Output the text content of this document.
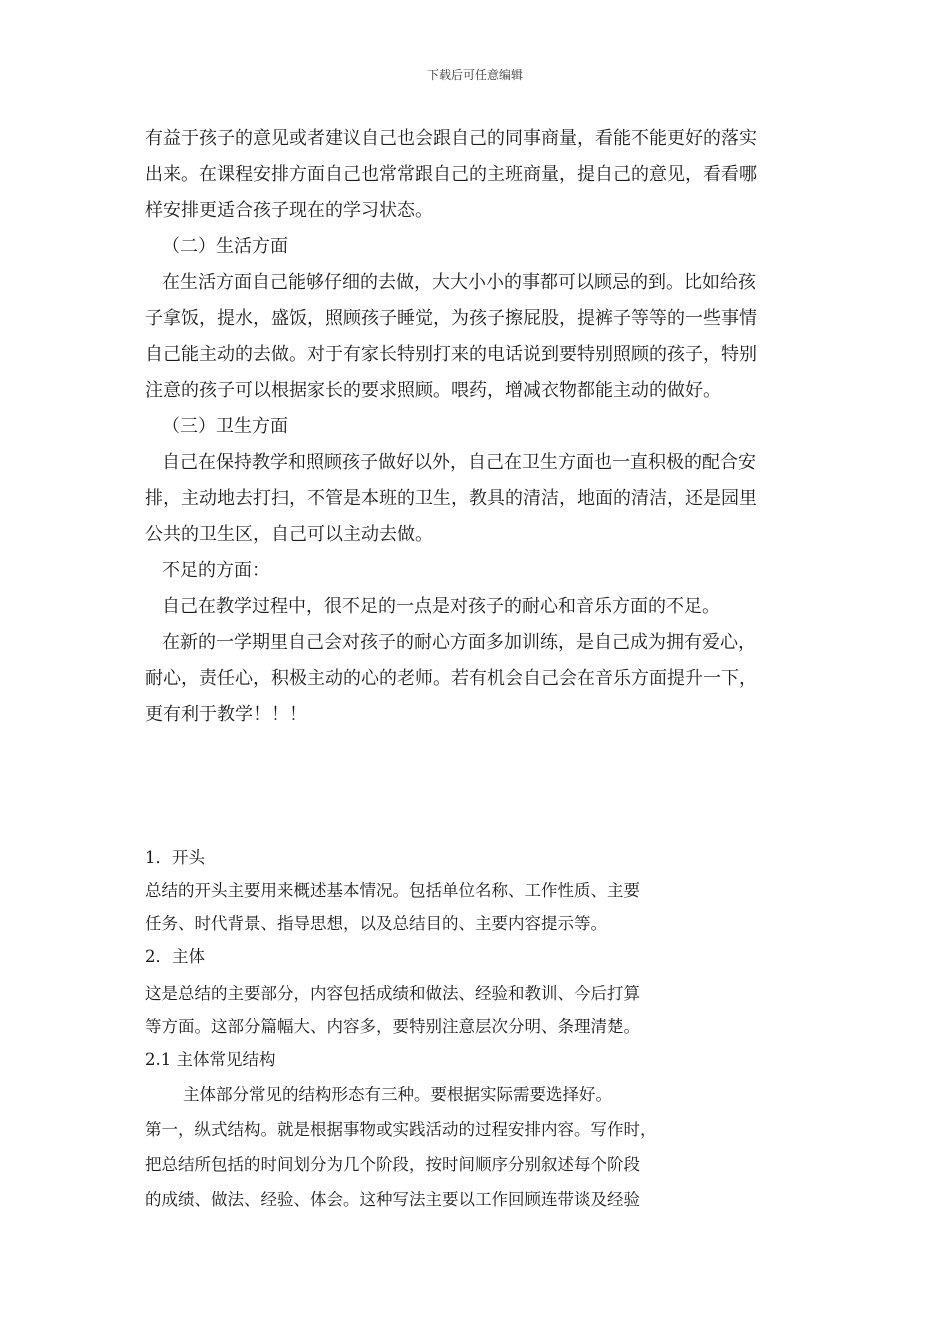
下载后可任意编辑
有益于孩子的意见或者建议自己也会跟自己的同事商量，看能不能更好的落实
出来。在课程安排方面自己也常常跟自己的主班商量，提自己的意见，看看哪
样安排更适合孩子现在的学习状态。
（二）生活方面
在生活方面自己能够仔细的去做，大大小小的事都可以顾忌的到。比如给孩
子拿饭，提水，盛饭，照顾孩子睡觉，为孩子擦屁股，提裤子等等的一些事情
自己能主动的去做。对于有家长特别打来的电话说到要特别照顾的孩子，特别
注意的孩子可以根据家长的要求照顾。喂药，增减衣物都能主动的做好。
（三）卫生方面
自己在保持教学和照顾孩子做好以外，自己在卫生方面也一直积极的配合安
排，主动地去打扫，不管是本班的卫生，教具的清洁，地面的清洁，还是园里
公共的卫生区，自己可以主动去做。
不足的方面：
自己在教学过程中，很不足的一点是对孩子的耐心和音乐方面的不足。
在新的一学期里自己会对孩子的耐心方面多加训练，是自己成为拥有爱心，
耐心，责任心，积极主动的心的老师。若有机会自己会在音乐方面提升一下，
更有利于教学！！！
1．开头
总结的开头主要用来概述基本情况。包括单位名称、工作性质、主要
任务、时代背景、指导思想，以及总结目的、主要内容提示等。
2．主体
这是总结的主要部分，内容包括成绩和做法、经验和教训、今后打算
等方面。这部分篇幅大、内容多，要特别注意层次分明、条理清楚。
2.1 主体常见结构
主体部分常见的结构形态有三种。要根据实际需要选择好。
第一，纵式结构。就是根据事物或实践活动的过程安排内容。写作时，
把总结所包括的时间划分为几个阶段，按时间顺序分别叙述每个阶段
的成绩、做法、经验、体会。这种写法主要以工作回顾连带谈及经验
